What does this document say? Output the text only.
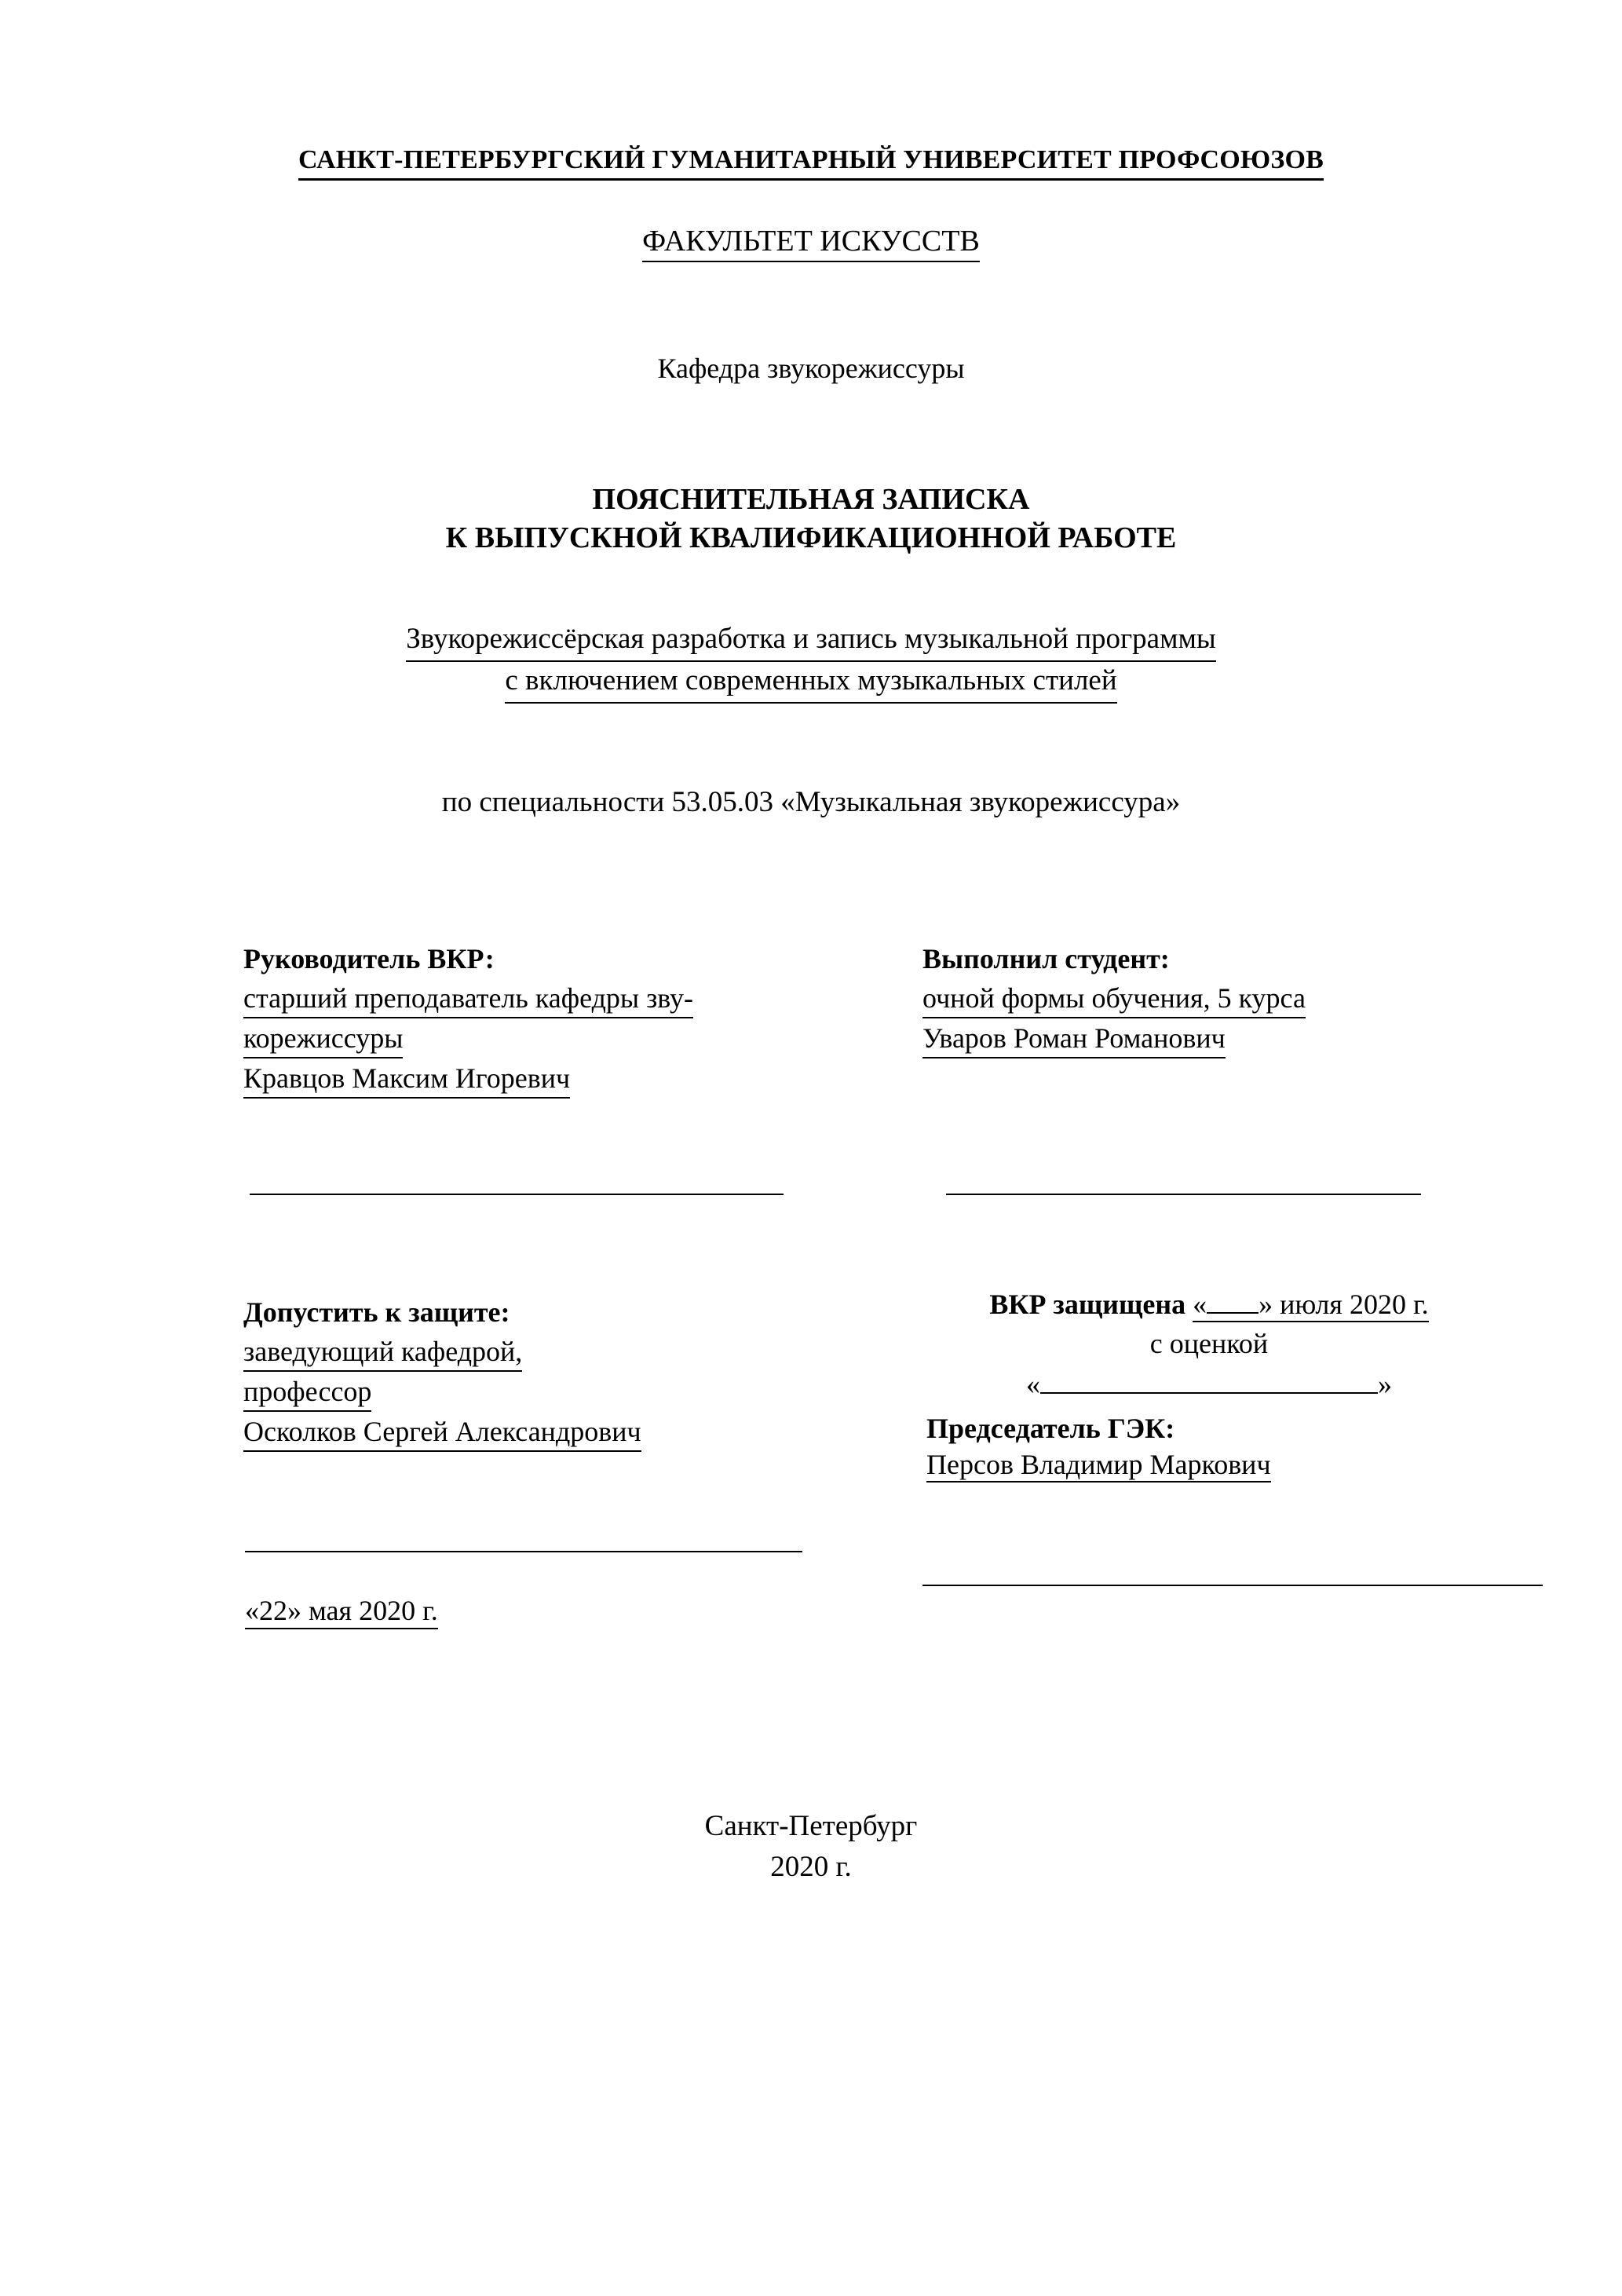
САНКТ-ПЕТЕРБУРГСКИЙ ГУМАНИТАРНЫЙ УНИВЕРСИТЕТ ПРОФСОЮЗОВ
ФАКУЛЬТЕТ ИСКУССТВ
Кафедра звукорежиссуры
ПОЯСНИТЕЛЬНАЯ ЗАПИСКА
К ВЫПУСКНОЙ КВАЛИФИКАЦИОННОЙ РАБОТЕ
Звукорежиссёрская разработка и запись музыкальной программы
с включением современных музыкальных стилей
по специальности 53.05.03 «Музыкальная звукорежиссура»
Руководитель ВКР:
старший преподаватель кафедры зву-
корежиссуры
Кравцов Максим Игоревич
Выполнил студент:
очной формы обучения, 5 курса
Уваров Роман Романович
Допустить к защите:
заведующий кафедрой,
профессор
Осколков Сергей Александрович
«22» мая 2020 г.
ВКР защищена « » июля 2020 г.
с оценкой
«	»
Председатель ГЭК:
Персов Владимир Маркович
Санкт-Петербург
2020 г.
